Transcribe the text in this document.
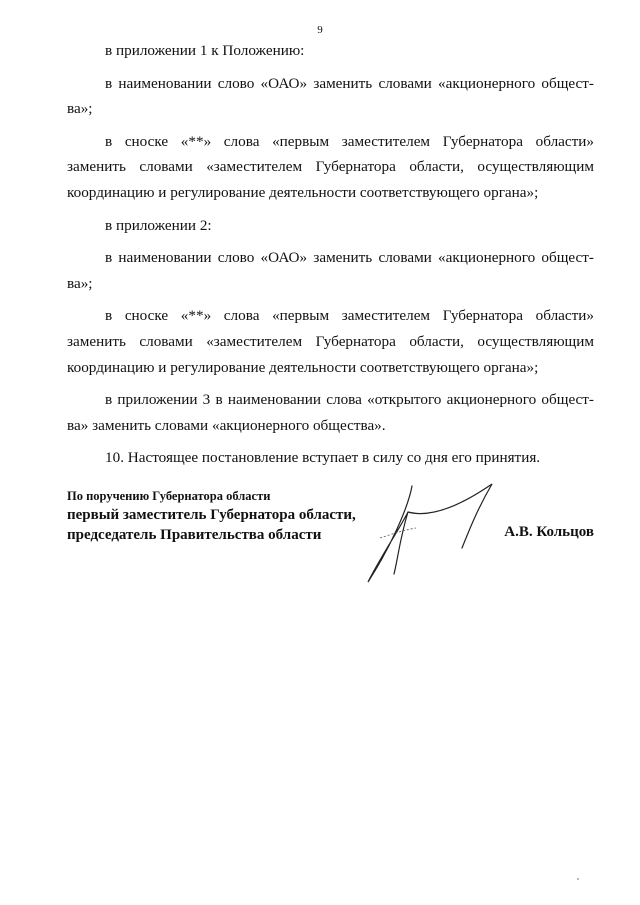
9

в приложении 1 к Положению:

в наименовании слово «ОАО» заменить словами «акционерного общест-ва»;

в сноске «**» слова «первым заместителем Губернатора области» заменить словами «заместителем Губернатора области, осуществляющим координацию и регулирование деятельности соответствующего органа»;

в приложении 2:

в наименовании слово «ОАО» заменить словами «акционерного общест-ва»;

в сноске «**» слова «первым заместителем Губернатора области» заменить словами «заместителем Губернатора области, осуществляющим координацию и регулирование деятельности соответствующего органа»;

в приложении 3 в наименовании слова «открытого акционерного общест-ва» заменить словами «акционерного общества».

10. Настоящее постановление вступает в силу со дня его принятия.

По поручению Губернатора области
первый заместитель Губернатора области,
председатель Правительства области	А.В. Кольцов
